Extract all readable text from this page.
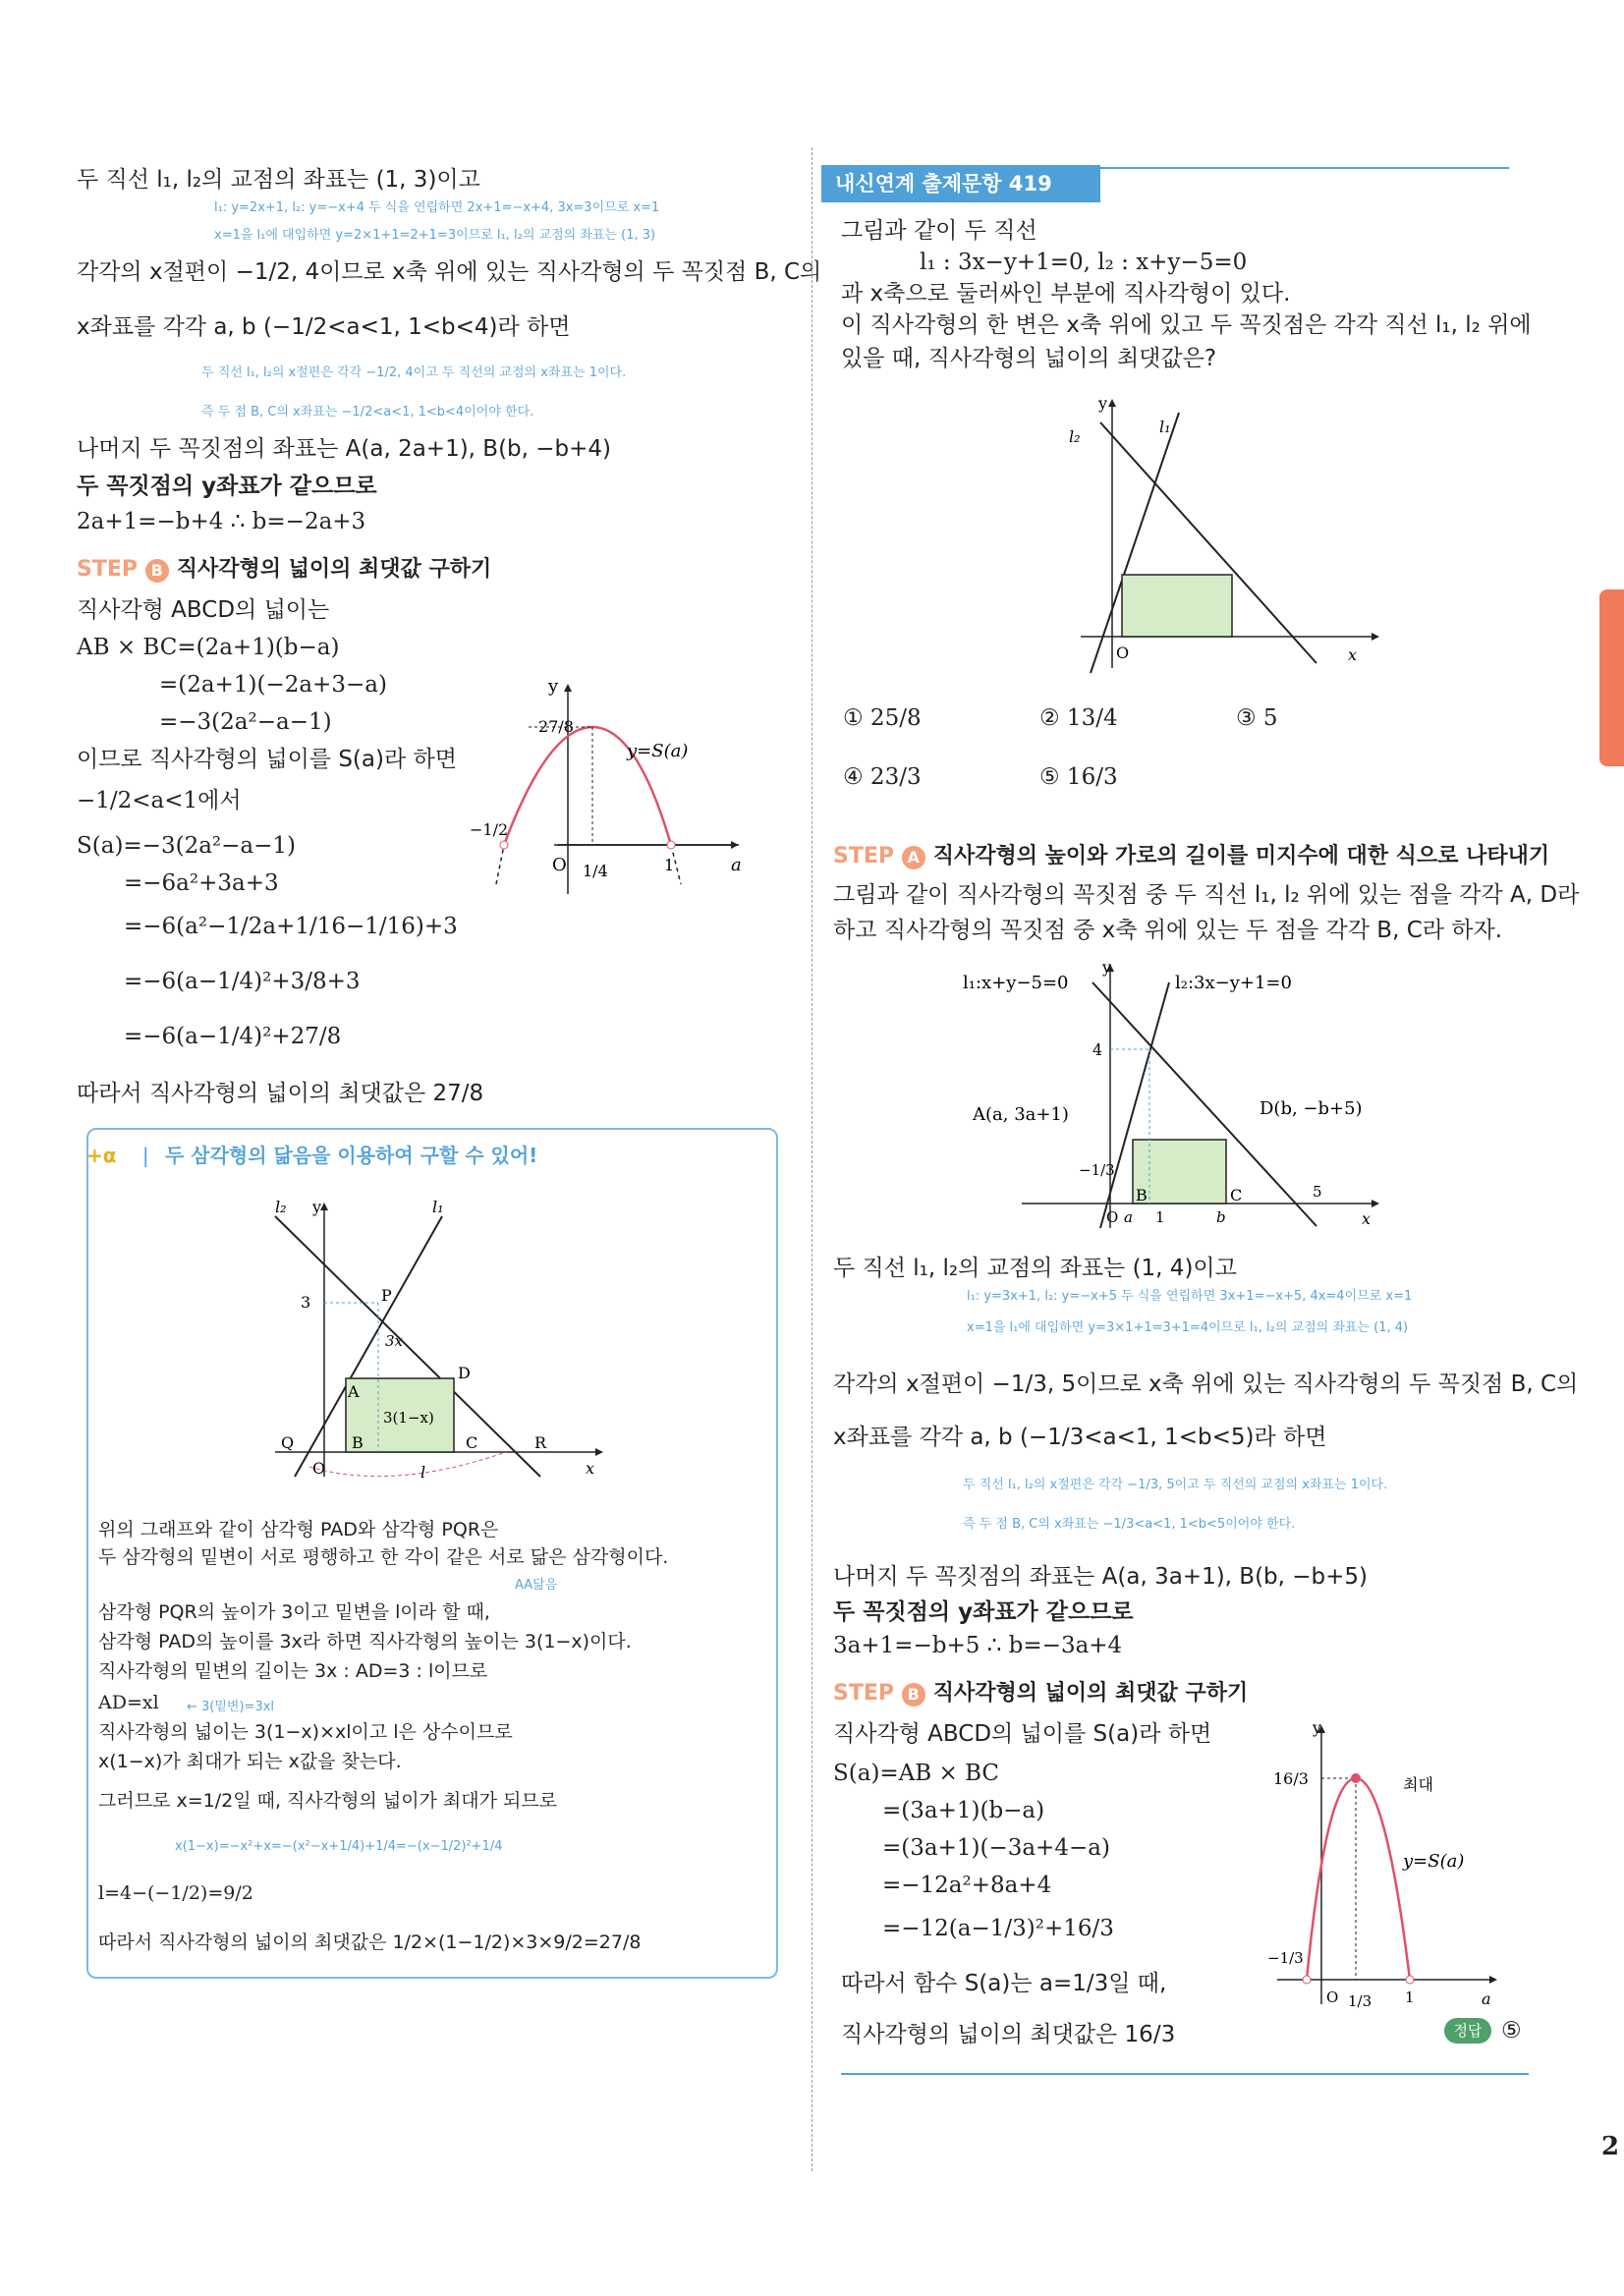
두 직선 l₁, l₂의 교점의 좌표는 (1, 3)이고
l₁: y=2x+1, l₂: y=−x+4 두 식을 연립하면 2x+1=−x+4, 3x=3이므로 x=1
x=1을 l₁에 대입하면 y=2×1+1=2+1=3이므로 l₁, l₂의 교점의 좌표는 (1, 3)
각각의 x절편이 −1/2, 4이므로 x축 위에 있는 직사각형의 두 꼭짓점 B, C의
x좌표를 각각 a, b (−1/2<a<1, 1<b<4)라 하면
두 직선 l₁, l₂의 x절편은 각각 −1/2, 4이고 두 직선의 교점의 x좌표는 1이다.
즉 두 점 B, C의 x좌표는 −1/2<a<1, 1<b<4이어야 한다.
나머지 두 꼭짓점의 좌표는 A(a, 2a+1), B(b, −b+4)
두 꼭짓점의 y좌표가 같으므로
2a+1=−b+4 ∴ b=−2a+3
STEP B 직사각형의 넓이의 최댓값 구하기
직사각형 ABCD의 넓이는
AB × BC=(2a+1)(b−a)
=(2a+1)(−2a+3−a)
=−3(2a²−a−1)
이므로 직사각형의 넓이를 S(a)라 하면
−1/2<a<1에서
S(a)=−3(2a²−a−1)
=−6a²+3a+3
=−6(a²−1/2a+1/16−1/16)+3
=−6(a−1/4)²+3/8+3
=−6(a−1/4)²+27/8
따라서 직사각형의 넓이의 최댓값은 27/8
y
a
O
27/8
−1/2
1/4	1
y=S(a)
+α | 두 삼각형의 닮음을 이용하여 구할 수 있어!
l₂	l₁
y
x
P
A
D
Q	B	C	R
O
3
3x
3(1−x)
l
위의 그래프와 같이 삼각형 PAD와 삼각형 PQR은
두 삼각형의 밑변이 서로 평행하고 한 각이 같은 서로 닮은 삼각형이다.
AA닮음
삼각형 PQR의 높이가 3이고 밑변을 l이라 할 때,
삼각형 PAD의 높이를 3x라 하면 직사각형의 높이는 3(1−x)이다.
직사각형의 밑변의 길이는 3x : AD=3 : l이므로
AD=xl ← 3(밑변)=3xl
직사각형의 넓이는 3(1−x)×xl이고 l은 상수이므로
x(1−x)가 최대가 되는 x값을 찾는다.
그러므로 x=1/2일 때, 직사각형의 넓이가 최대가 되므로
x(1−x)=−x²+x=−(x²−x+1/4)+1/4=−(x−1/2)²+1/4
l=4−(−1/2)=9/2
따라서 직사각형의 넓이의 최댓값은 1/2×(1−1/2)×3×9/2=27/8
내신연계 출제문항 419
그림과 같이 두 직선
l₁ : 3x−y+1=0, l₂ : x+y−5=0
과 x축으로 둘러싸인 부분에 직사각형이 있다.
이 직사각형의 한 변은 x축 위에 있고 두 꼭짓점은 각각 직선 l₁, l₂ 위에
있을 때, 직사각형의 넓이의 최댓값은?
l₂
l₁
y
x
O
① 25/8	② 13/4	③ 5
④ 23/3	⑤ 16/3
STEP A 직사각형의 높이와 가로의 길이를 미지수에 대한 식으로 나타내기
그림과 같이 직사각형의 꼭짓점 중 두 직선 l₁, l₂ 위에 있는 점을 각각 A, D라
하고 직사각형의 꼭짓점 중 x축 위에 있는 두 점을 각각 B, C라 하자.
l₁:x+y−5=0	l₂:3x−y+1=0
y
x
4
A(a, 3a+1)	D(b, −b+5)
−1/3
B	C
O a 1	b
5
두 직선 l₁, l₂의 교점의 좌표는 (1, 4)이고
l₁: y=3x+1, l₂: y=−x+5 두 식을 연립하면 3x+1=−x+5, 4x=4이므로 x=1
x=1을 l₁에 대입하면 y=3×1+1=3+1=4이므로 l₁, l₂의 교점의 좌표는 (1, 4)
각각의 x절편이 −1/3, 5이므로 x축 위에 있는 직사각형의 두 꼭짓점 B, C의
x좌표를 각각 a, b (−1/3<a<1, 1<b<5)라 하면
두 직선 l₁, l₂의 x절편은 각각 −1/3, 5이고 두 직선의 교점의 x좌표는 1이다.
즉 두 점 B, C의 x좌표는 −1/3<a<1, 1<b<5이어야 한다.
나머지 두 꼭짓점의 좌표는 A(a, 3a+1), B(b, −b+5)
두 꼭짓점의 y좌표가 같으므로
3a+1=−b+5 ∴ b=−3a+4
STEP B 직사각형의 넓이의 최댓값 구하기
직사각형 ABCD의 넓이를 S(a)라 하면
S(a)=AB × BC
=(3a+1)(b−a)
=(3a+1)(−3a+4−a)
=−12a²+8a+4
=−12(a−1/3)²+16/3
따라서 함수 S(a)는 a=1/3일 때,
직사각형의 넓이의 최댓값은 16/3
y
a
16/3	최대
y=S(a)
−1/3
O 1/3 1
정답 ⑤
2
